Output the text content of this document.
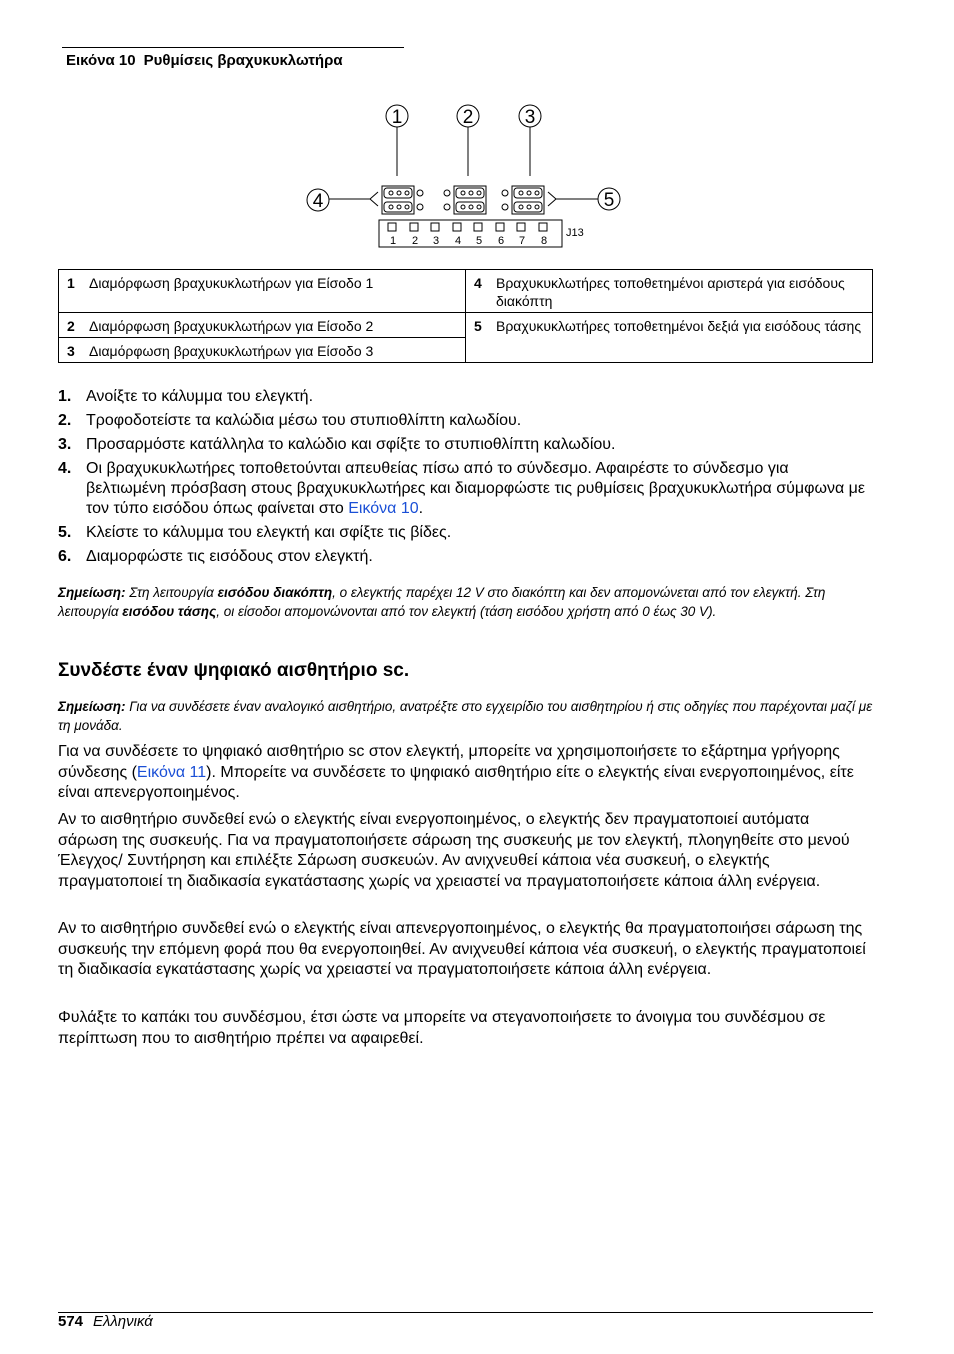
Εικόνα 10 Ρυθμίσεις βραχυκυκλωτήρα
1	2	3
4	5
1 2 3 4 5 6 7 8
J13
1 Διαμόρφωση βραχυκυκλωτήρων για Είσοδο 1	4 Βραχυκυκλωτήρες τοποθετημένοι αριστερά για εισόδους διακόπτη

2 Διαμόρφωση βραχυκυκλωτήρων για Είσοδο 2	5 Βραχυκυκλωτήρες τοποθετημένοι δεξιά για εισόδους τάσης

3 Διαμόρφωση βραχυκυκλωτήρων για Είσοδο 3	
1. Ανοίξτε το κάλυμμα του ελεγκτή.
2. Τροφοδοτείστε τα καλώδια μέσω του στυπιοθλίπτη καλωδίου.
3. Προσαρμόστε κατάλληλα το καλώδιο και σφίξτε το στυπιοθλίπτη καλωδίου.
4. Οι βραχυκυκλωτήρες τοποθετούνται απευθείας πίσω από το σύνδεσμο. Αφαιρέστε το σύνδεσμο για βελτιωμένη πρόσβαση στους βραχυκυκλωτήρες και διαμορφώστε τις ρυθμίσεις βραχυκυκλωτήρα σύμφωνα με τον τύπο εισόδου όπως φαίνεται στο Εικόνα 10.
5. Κλείστε το κάλυμμα του ελεγκτή και σφίξτε τις βίδες.
6. Διαμορφώστε τις εισόδους στον ελεγκτή.
Σημείωση: Στη λειτουργία εισόδου διακόπτη, ο ελεγκτής παρέχει 12 V στο διακόπτη και δεν απομονώνεται από τον ελεγκτή. Στη λειτουργία εισόδου τάσης, οι είσοδοι απομονώνονται από τον ελεγκτή (τάση εισόδου χρήστη από 0 έως 30 V).
Συνδέστε έναν ψηφιακό αισθητήριο sc.
Σημείωση: Για να συνδέσετε έναν αναλογικό αισθητήριο, ανατρέξτε στο εγχειρίδιο του αισθητηρίου ή στις οδηγίες που παρέχονται μαζί με τη μονάδα.

Για να συνδέσετε το ψηφιακό αισθητήριο sc στον ελεγκτή, μπορείτε να χρησιμοποιήσετε το εξάρτημα γρήγορης σύνδεσης (Εικόνα 11). Μπορείτε να συνδέσετε το ψηφιακό αισθητήριο είτε ο ελεγκτής είναι ενεργοποιημένος, είτε είναι απενεργοποιημένος.

Αν το αισθητήριο συνδεθεί ενώ ο ελεγκτής είναι ενεργοποιημένος, ο ελεγκτής δεν πραγματοποιεί αυτόματα σάρωση της συσκευής. Για να πραγματοποιήσετε σάρωση της συσκευής με τον ελεγκτή, πλοηγηθείτε στο μενού Έλεγχος/ Συντήρηση και επιλέξτε Σάρωση συσκευών. Αν ανιχνευθεί κάποια νέα συσκευή, ο ελεγκτής πραγματοποιεί τη διαδικασία εγκατάστασης χωρίς να χρειαστεί να πραγματοποιήσετε κάποια άλλη ενέργεια.

Αν το αισθητήριο συνδεθεί ενώ ο ελεγκτής είναι απενεργοποιημένος, ο ελεγκτής θα πραγματοποιήσει σάρωση της συσκευής την επόμενη φορά που θα ενεργοποιηθεί. Αν ανιχνευθεί κάποια νέα συσκευή, ο ελεγκτής πραγματοποιεί τη διαδικασία εγκατάστασης χωρίς να χρειαστεί να πραγματοποιήσετε κάποια άλλη ενέργεια.

Φυλάξτε το καπάκι του συνδέσμου, έτσι ώστε να μπορείτε να στεγανοποιήσετε το άνοιγμα του συνδέσμου σε περίπτωση που το αισθητήριο πρέπει να αφαιρεθεί.

574 Ελληνικά
